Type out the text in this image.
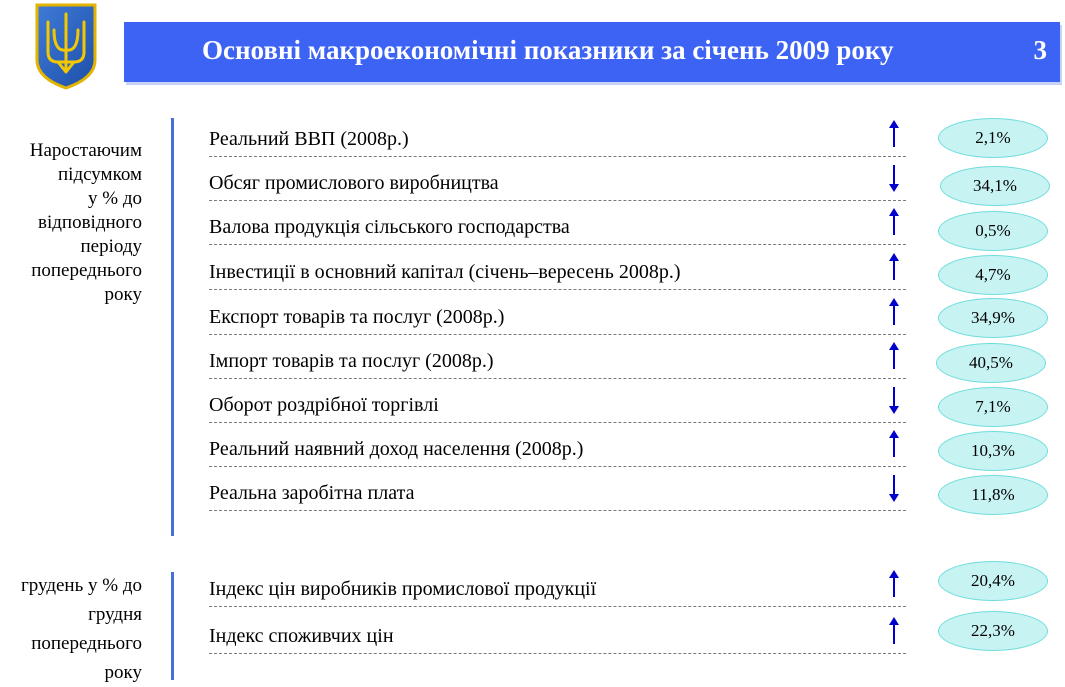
Основні макроекономічні показники за січень 2009 року	3
Наростаючим
підсумком
у % до
відповідного
періоду
попереднього
року
Реальний ВВП (2008р.)
Обсяг промислового виробництва
Валова продукція сільського господарства
Інвестиції в основний капітал (січень–вересень 2008р.)
Експорт товарів та послуг (2008р.)
Імпорт товарів та послуг (2008р.)
Оборот роздрібної торгівлі
Реальний наявний доход населення (2008р.)
Реальна заробітна плата
2,1%
34,1%
0,5%
4,7%
34,9%
40,5%
7,1%
10,3%
11,8%
грудень у % до
грудня
попереднього
року
Індекс цін виробників промислової продукції
Індекс споживчих цін
20,4%
22,3%
